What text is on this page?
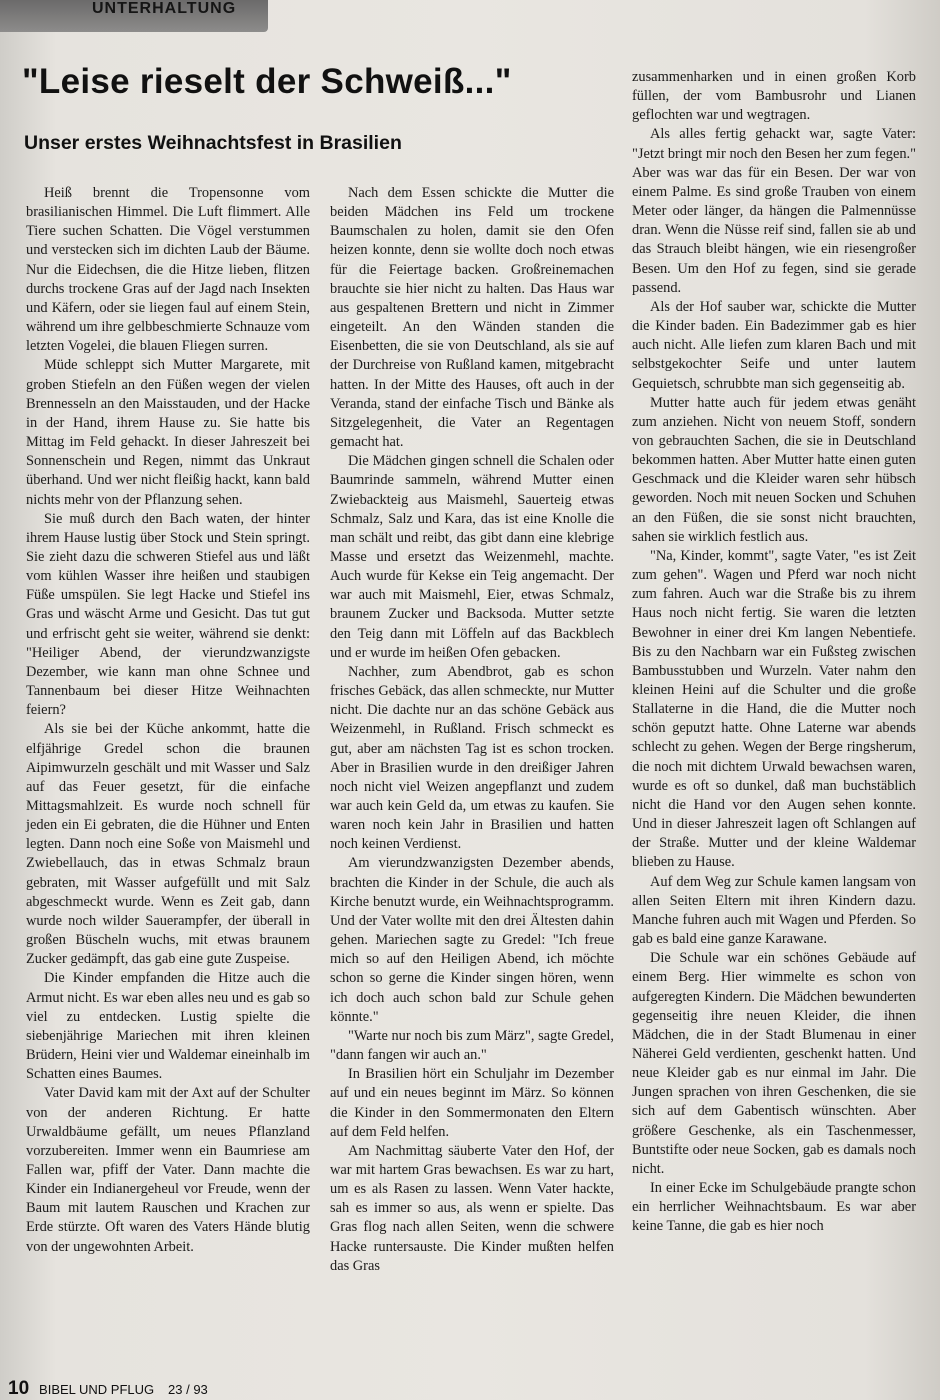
UNTERHALTUNG
"Leise rieselt der Schweiß..."
Unser erstes Weihnachtsfest in Brasilien

Heiß brennt die Tropensonne vom brasilianischen Himmel. Die Luft flimmert. Alle Tiere suchen Schatten. Die Vögel verstummen und verstecken sich im dichten Laub der Bäume. Nur die Eidechsen, die die Hitze lieben, flitzen durchs trockene Gras auf der Jagd nach Insekten und Käfern, oder sie liegen faul auf einem Stein, während um ihre gelbbeschmierte Schnauze vom letzten Vogelei, die blauen Fliegen surren.

Müde schleppt sich Mutter Margarete, mit groben Stiefeln an den Füßen wegen der vielen Brennesseln an den Maisstauden, und der Hacke in der Hand, ihrem Hause zu. Sie hatte bis Mittag im Feld gehackt. In dieser Jahreszeit bei Sonnenschein und Regen, nimmt das Unkraut überhand. Und wer nicht fleißig hackt, kann bald nichts mehr von der Pflanzung sehen.

Sie muß durch den Bach waten, der hinter ihrem Hause lustig über Stock und Stein springt. Sie zieht dazu die schweren Stiefel aus und läßt vom kühlen Wasser ihre heißen und staubigen Füße umspülen. Sie legt Hacke und Stiefel ins Gras und wäscht Arme und Gesicht. Das tut gut und erfrischt geht sie weiter, während sie denkt: "Heiliger Abend, der vierundzwanzigste Dezember, wie kann man ohne Schnee und Tannenbaum bei dieser Hitze Weihnachten feiern?

Als sie bei der Küche ankommt, hatte die elfjährige Gredel schon die braunen Aipimwurzeln geschält und mit Wasser und Salz auf das Feuer gesetzt, für die einfache Mittagsmahlzeit. Es wurde noch schnell für jeden ein Ei gebraten, die die Hühner und Enten legten. Dann noch eine Soße von Maismehl und Zwiebellauch, das in etwas Schmalz braun gebraten, mit Wasser aufgefüllt und mit Salz abgeschmeckt wurde. Wenn es Zeit gab, dann wurde noch wilder Sauerampfer, der überall in großen Büscheln wuchs, mit etwas braunem Zucker gedämpft, das gab eine gute Zuspeise.

Die Kinder empfanden die Hitze auch die Armut nicht. Es war eben alles neu und es gab so viel zu entdecken. Lustig spielte die siebenjährige Mariechen mit ihren kleinen Brüdern, Heini vier und Waldemar eineinhalb im Schatten eines Baumes.

Vater David kam mit der Axt auf der Schulter von der anderen Richtung. Er hatte Urwaldbäume gefällt, um neues Pflanzland vorzubereiten. Immer wenn ein Baumriese am Fallen war, pfiff der Vater. Dann machte die Kinder ein Indianergeheul vor Freude, wenn der Baum mit lautem Rauschen und Krachen zur Erde stürzte. Oft waren des Vaters Hände blutig von der ungewohnten Arbeit.

Nach dem Essen schickte die Mutter die beiden Mädchen ins Feld um trockene Baumschalen zu holen, damit sie den Ofen heizen konnte, denn sie wollte doch noch etwas für die Feiertage backen. Großreinemachen brauchte sie hier nicht zu halten. Das Haus war aus gespaltenen Brettern und nicht in Zimmer eingeteilt. An den Wänden standen die Eisenbetten, die sie von Deutschland, als sie auf der Durchreise von Rußland kamen, mitgebracht hatten. In der Mitte des Hauses, oft auch in der Veranda, stand der einfache Tisch und Bänke als Sitzgelegenheit, die Vater an Regentagen gemacht hat.

Die Mädchen gingen schnell die Schalen oder Baumrinde sammeln, während Mutter einen Zwiebackteig aus Maismehl, Sauerteig etwas Schmalz, Salz und Kara, das ist eine Knolle die man schält und reibt, das gibt dann eine klebrige Masse und ersetzt das Weizenmehl, machte. Auch wurde für Kekse ein Teig angemacht. Der war auch mit Maismehl, Eier, etwas Schmalz, braunem Zucker und Backsoda. Mutter setzte den Teig dann mit Löffeln auf das Backblech und er wurde im heißen Ofen gebacken.

Nachher, zum Abendbrot, gab es schon frisches Gebäck, das allen schmeckte, nur Mutter nicht. Die dachte nur an das schöne Gebäck aus Weizenmehl, in Rußland. Frisch schmeckt es gut, aber am nächsten Tag ist es schon trocken. Aber in Brasilien wurde in den dreißiger Jahren noch nicht viel Weizen angepflanzt und zudem war auch kein Geld da, um etwas zu kaufen. Sie waren noch kein Jahr in Brasilien und hatten noch keinen Verdienst.

Am vierundzwanzigsten Dezember abends, brachten die Kinder in der Schule, die auch als Kirche benutzt wurde, ein Weihnachtsprogramm. Und der Vater wollte mit den drei Ältesten dahin gehen. Mariechen sagte zu Gredel: "Ich freue mich so auf den Heiligen Abend, ich möchte schon so gerne die Kinder singen hören, wenn ich doch auch schon bald zur Schule gehen könnte."

"Warte nur noch bis zum März", sagte Gredel, "dann fangen wir auch an."

In Brasilien hört ein Schuljahr im Dezember auf und ein neues beginnt im März. So können die Kinder in den Sommermonaten den Eltern auf dem Feld helfen.

Am Nachmittag säuberte Vater den Hof, der war mit hartem Gras bewachsen. Es war zu hart, um es als Rasen zu lassen. Wenn Vater hackte, sah es immer so aus, als wenn er spielte. Das Gras flog nach allen Seiten, wenn die schwere Hacke runtersauste. Die Kinder mußten helfen das Gras

zusammenharken und in einen großen Korb füllen, der vom Bambusrohr und Lianen geflochten war und wegtragen.

Als alles fertig gehackt war, sagte Vater: "Jetzt bringt mir noch den Besen her zum fegen." Aber was war das für ein Besen. Der war von einem Palme. Es sind große Trauben von einem Meter oder länger, da hängen die Palmennüsse dran. Wenn die Nüsse reif sind, fallen sie ab und das Strauch bleibt hängen, wie ein riesengroßer Besen. Um den Hof zu fegen, sind sie gerade passend.

Als der Hof sauber war, schickte die Mutter die Kinder baden. Ein Badezimmer gab es hier auch nicht. Alle liefen zum klaren Bach und mit selbstgekochter Seife und unter lautem Gequietsch, schrubbte man sich gegenseitig ab.

Mutter hatte auch für jedem etwas genäht zum anziehen. Nicht von neuem Stoff, sondern von gebrauchten Sachen, die sie in Deutschland bekommen hatten. Aber Mutter hatte einen guten Geschmack und die Kleider waren sehr hübsch geworden. Noch mit neuen Socken und Schuhen an den Füßen, die sie sonst nicht brauchten, sahen sie wirklich festlich aus.

"Na, Kinder, kommt", sagte Vater, "es ist Zeit zum gehen". Wagen und Pferd war noch nicht zum fahren. Auch war die Straße bis zu ihrem Haus noch nicht fertig. Sie waren die letzten Bewohner in einer drei Km langen Nebentiefe. Bis zu den Nachbarn war ein Fußsteg zwischen Bambusstubben und Wurzeln. Vater nahm den kleinen Heini auf die Schulter und die große Stallaterne in die Hand, die die Mutter noch schön geputzt hatte. Ohne Laterne war abends schlecht zu gehen. Wegen der Berge ringsherum, die noch mit dichtem Urwald bewachsen waren, wurde es oft so dunkel, daß man buchstäblich nicht die Hand vor den Augen sehen konnte. Und in dieser Jahreszeit lagen oft Schlangen auf der Straße. Mutter und der kleine Waldemar blieben zu Hause.

Auf dem Weg zur Schule kamen langsam von allen Seiten Eltern mit ihren Kindern dazu. Manche fuhren auch mit Wagen und Pferden. So gab es bald eine ganze Karawane.

Die Schule war ein schönes Gebäude auf einem Berg. Hier wimmelte es schon von aufgeregten Kindern. Die Mädchen bewunderten gegenseitig ihre neuen Kleider, die ihnen Mädchen, die in der Stadt Blumenau in einer Näherei Geld verdienten, geschenkt hatten. Und neue Kleider gab es nur einmal im Jahr. Die Jungen sprachen von ihren Geschenken, die sie sich auf dem Gabentisch wünschten. Aber größere Geschenke, als ein Taschenmesser, Buntstifte oder neue Socken, gab es damals noch nicht.

In einer Ecke im Schulgebäude prangte schon ein herrlicher Weihnachtsbaum. Es war aber keine Tanne, die gab es hier noch

10 BIBEL UND PFLUG 23 / 93
